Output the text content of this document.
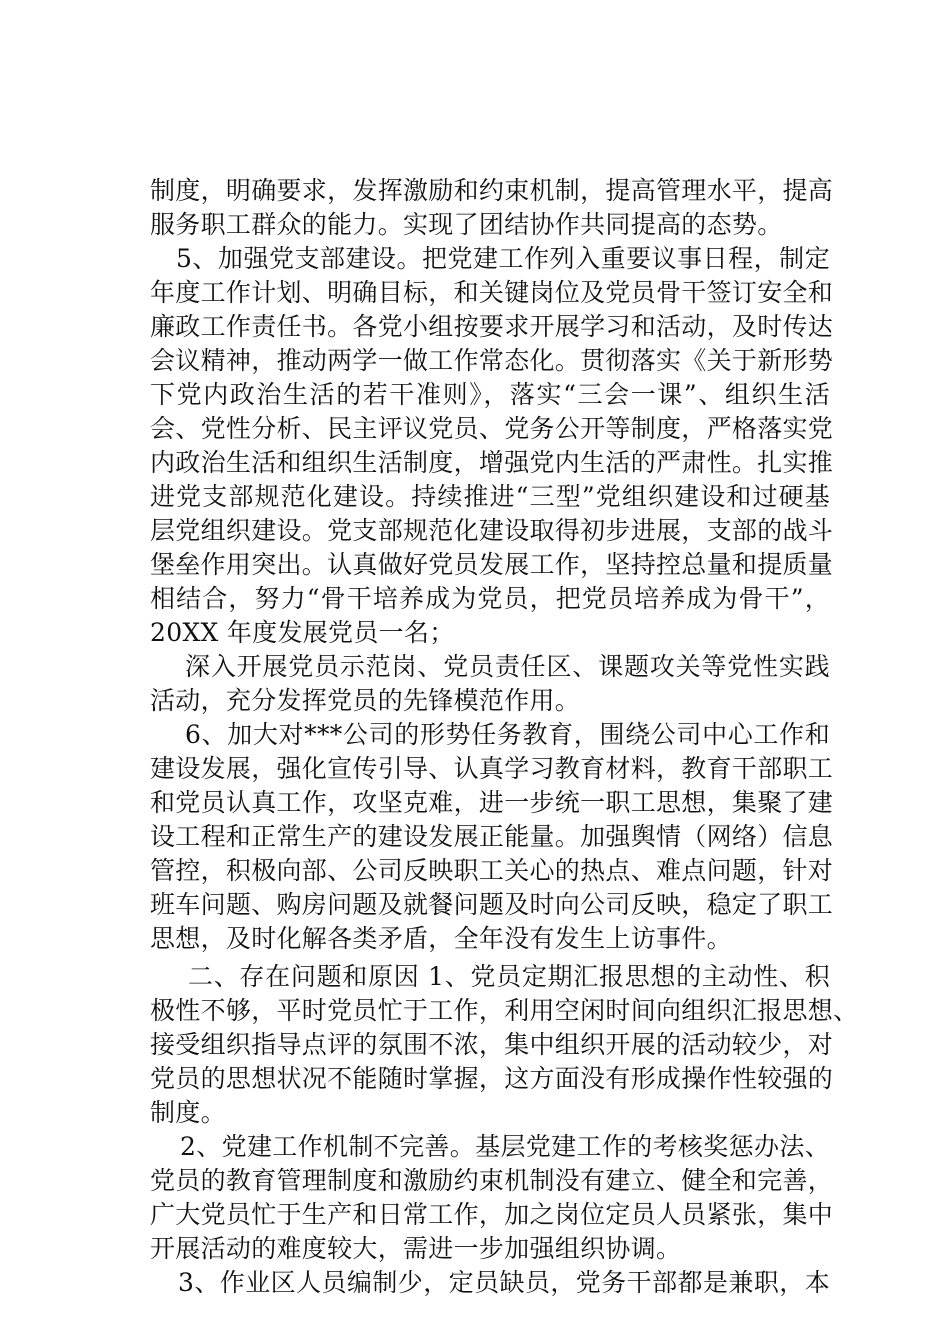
制度，明确要求，发挥激励和约束机制，提高管理水平，提高
服务职工群众的能力。实现了团结协作共同提高的态势。
5、加强党支部建设。把党建工作列入重要议事日程，制定
年度工作计划、明确目标，和关键岗位及党员骨干签订安全和
廉政工作责任书。各党小组按要求开展学习和活动，及时传达
会议精神，推动两学一做工作常态化。贯彻落实《关于新形势
下党内政治生活的若干准则》，落实“三会一课”、组织生活
会、党性分析、民主评议党员、党务公开等制度，严格落实党
内政治生活和组织生活制度，增强党内生活的严肃性。扎实推
进党支部规范化建设。持续推进“三型”党组织建设和过硬基
层党组织建设。党支部规范化建设取得初步进展，支部的战斗
堡垒作用突出。认真做好党员发展工作，坚持控总量和提质量
相结合，努力“骨干培养成为党员，把党员培养成为骨干”，
20XX 年度发展党员一名；
深入开展党员示范岗、党员责任区、课题攻关等党性实践
活动，充分发挥党员的先锋模范作用。
6、加大对***公司的形势任务教育，围绕公司中心工作和
建设发展，强化宣传引导、认真学习教育材料，教育干部职工
和党员认真工作，攻坚克难，进一步统一职工思想，集聚了建
设工程和正常生产的建设发展正能量。加强舆情（网络）信息
管控，积极向部、公司反映职工关心的热点、难点问题，针对
班车问题、购房问题及就餐问题及时向公司反映，稳定了职工
思想，及时化解各类矛盾，全年没有发生上访事件。
二、存在问题和原因 1、党员定期汇报思想的主动性、积
极性不够，平时党员忙于工作，利用空闲时间向组织汇报思想、
接受组织指导点评的氛围不浓，集中组织开展的活动较少，对
党员的思想状况不能随时掌握，这方面没有形成操作性较强的
制度。
2、党建工作机制不完善。基层党建工作的考核奖惩办法、
党员的教育管理制度和激励约束机制没有建立、健全和完善，
广大党员忙于生产和日常工作，加之岗位定员人员紧张，集中
开展活动的难度较大，需进一步加强组织协调。
3、作业区人员编制少，定员缺员，党务干部都是兼职，本
